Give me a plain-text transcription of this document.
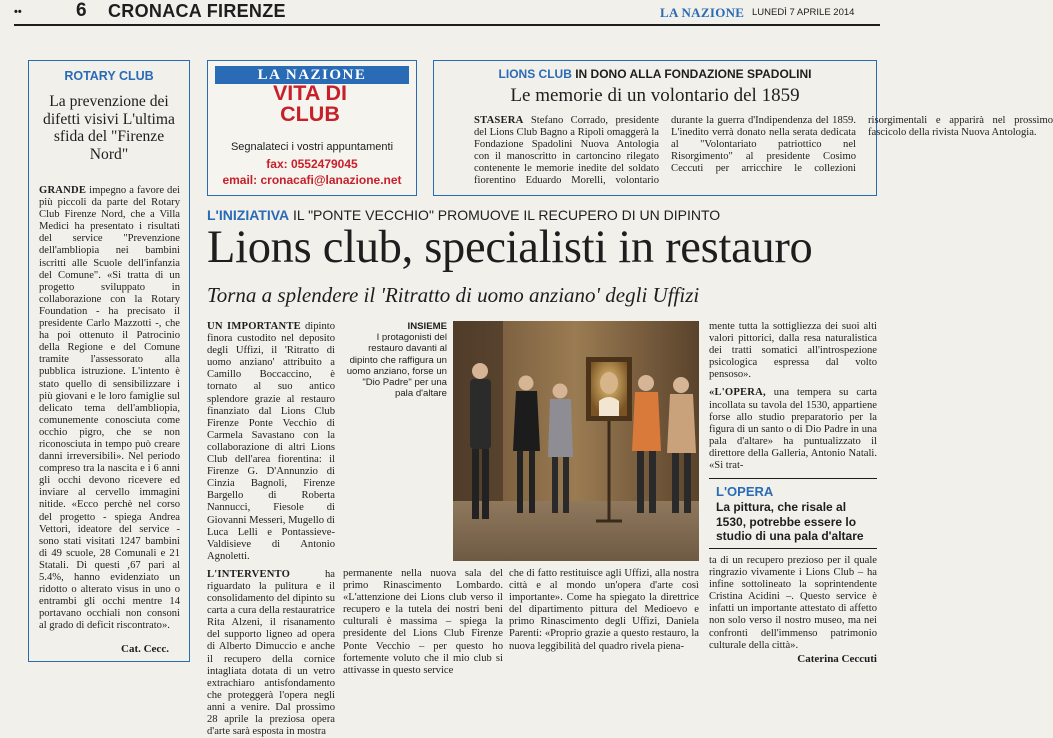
••	6 CRONACA FIRENZE	LA NAZIONE LUNEDÌ 7 APRILE 2014
ROTARY CLUB
La prevenzione dei difetti visivi L'ultima sfida del "Firenze Nord"
GRANDE impegno a favore dei più piccoli da parte del Rotary Club Firenze Nord, che a Villa Medici ha presentato i risultati del service "Prevenzione dell'ambliopia nei bambini iscritti alle Scuole dell'infanzia del Comune". «Si tratta di un progetto sviluppato in collaborazione con la Rotary Foundation - ha precisato il presidente Carlo Mazzotti -, che ha poi ottenuto il Patrocinio della Regione e del Comune tramite l'assessorato alla pubblica istruzione. L'intento è stato quello di sensibilizzare i più giovani e le loro famiglie sul delicato tema dell'ambliopia, comunemente conosciuta come occhio pigro, che se non riconosciuta in tempo può creare danni irreversibili». Nel periodo compreso tra la nascita e i 6 anni gli occhi devono ricevere ed inviare al cervello immagini nitide. «Ecco perchè nel corso del progetto - spiega Andrea Vettori, ideatore del service - sono stati visitati 1247 bambini di 49 scuole, 28 Comunali e 21 Statali. Di questi ,67 pari al 5.4%, hanno evidenziato un ridotto o alterato visus in uno o entrambi gli occhi mentre 14 portavano occhiali non consoni al grado di deficit riscontrato».
Cat. Cecc.
LA NAZIONE
VITA DI CLUB
Segnalateci i vostri appuntamenti
fax: 0552479045
email: cronacafi@lanazione.net
LIONS CLUB IN DONO ALLA FONDAZIONE SPADOLINI
Le memorie di un volontario del 1859
STASERA Stefano Corrado, presidente del Lions Club Bagno a Ripoli omaggerà la Fondazione Spadolini Nuova Antologia con il manoscritto in cartoncino rilegato contenente le memorie inedite del soldato fiorentino Eduardo Morelli, volontario durante la guerra d'Indipendenza del 1859. L'inedito verrà donato nella serata dedicata al "Volontariato patriottico nel Risorgimento" al presidente Cosimo Ceccuti per arricchire le collezioni risorgimentali e apparirà nel prossimo fascicolo della rivista Nuova Antologia.
L'INIZIATIVA IL "PONTE VECCHIO" PROMUOVE IL RECUPERO DI UN DIPINTO
Lions club, specialisti in restauro
Torna a splendere il 'Ritratto di uomo anziano' degli Uffizi
UN IMPORTANTE dipinto finora custodito nel deposito degli Uffizi, il 'Ritratto di uomo anziano' attribuito a Camillo Boccaccino, è tornato al suo antico splendore grazie al restauro finanziato dal Lions Club Firenze Ponte Vecchio di Carmela Savastano con la collaborazione di altri Lions Club dell'area fiorentina: il Firenze G. D'Annunzio di Cinzia Bagnoli, Firenze Bargello di Roberta Nannucci, Fiesole di Giovanni Messeri, Mugello di Luca Lelli e Pontassieve-Valdisieve di Antonio Agnoletti.
L'INTERVENTO ha riguardato la pulitura e il consolidamento del dipinto su carta a cura della restauratrice Rita Alzeni, il risanamento del supporto ligneo ad opera di Alberto Dimuccio e anche il recupero della cornice intagliata dotata di un vetro extrachiaro antisfondamento che proteggerà l'opera negli anni a venire. Dal prossimo 28 aprile la preziosa opera d'arte sarà esposta in mostra
INSIEME
I protagonisti del restauro davanti al dipinto che raffigura un uomo anziano, forse un "Dio Padre" per una pala d'altare
permanente nella nuova sala del primo Rinascimento Lombardo. «L'attenzione dei Lions club verso il recupero e la tutela dei nostri beni culturali è massima – spiega la presidente del Lions Club Firenze Ponte Vecchio – per questo ho fortemente voluto che il mio club si attivasse in questo service
che di fatto restituisce agli Uffizi, alla nostra città e al mondo un'opera d'arte così importante». Come ha spiegato la direttrice del dipartimento pittura del Medioevo e primo Rinascimento degli Uffizi, Daniela Parenti: «Proprio grazie a questo restauro, la nuova leggibilità del quadro rivela piena-
mente tutta la sottigliezza dei suoi alti valori pittorici, dalla resa naturalistica dei tratti somatici all'introspezione psicologica espressa dal volto pensoso».
«L'OPERA, una tempera su carta incollata su tavola del 1530, appartiene forse allo studio preparatorio per la figura di un santo o di Dio Padre in una pala d'altare» ha puntualizzato il direttore della Galleria, Antonio Natali. «Si trat-
L'OPERA
La pittura, che risale al 1530, potrebbe essere lo studio di una pala d'altare
ta di un recupero prezioso per il quale ringrazio vivamente i Lions Club – ha infine sottolineato la soprintendente Cristina Acidini –. Questo service è infatti un importante attestato di affetto non solo verso il nostro museo, ma nei confronti dell'immenso patrimonio culturale della città».
Caterina Ceccuti
